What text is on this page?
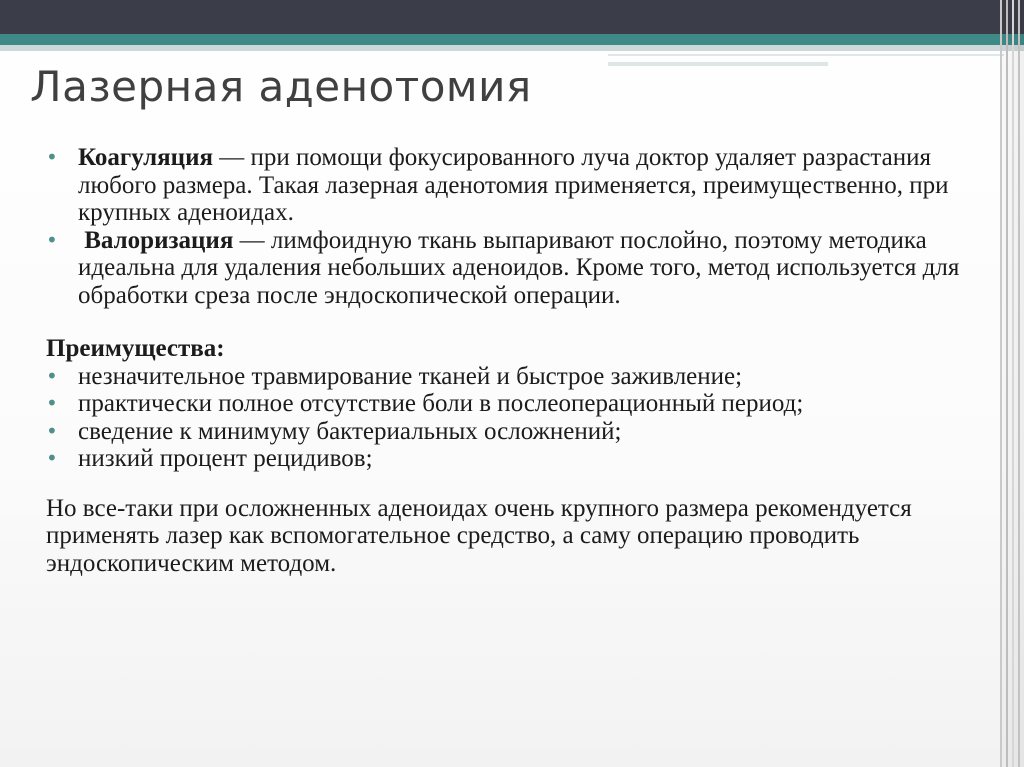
Лазерная аденотомия

• Коагуляция — при помощи фокусированного луча доктор удаляет разрастания любого размера. Такая лазерная аденотомия применяется, преимущественно, при крупных аденоидах.

• Валоризация — лимфоидную ткань выпаривают послойно, поэтому методика идеальна для удаления небольших аденоидов. Кроме того, метод используется для обработки среза после эндоскопической операции.

Преимущества:

• незначительное травмирование тканей и быстрое заживление;

• практически полное отсутствие боли в послеоперационный период;

• сведение к минимуму бактериальных осложнений;

• низкий процент рецидивов;

Но все-таки при осложненных аденоидах очень крупного размера рекомендуется применять лазер как вспомогательное средство, а саму операцию проводить эндоскопическим методом.
